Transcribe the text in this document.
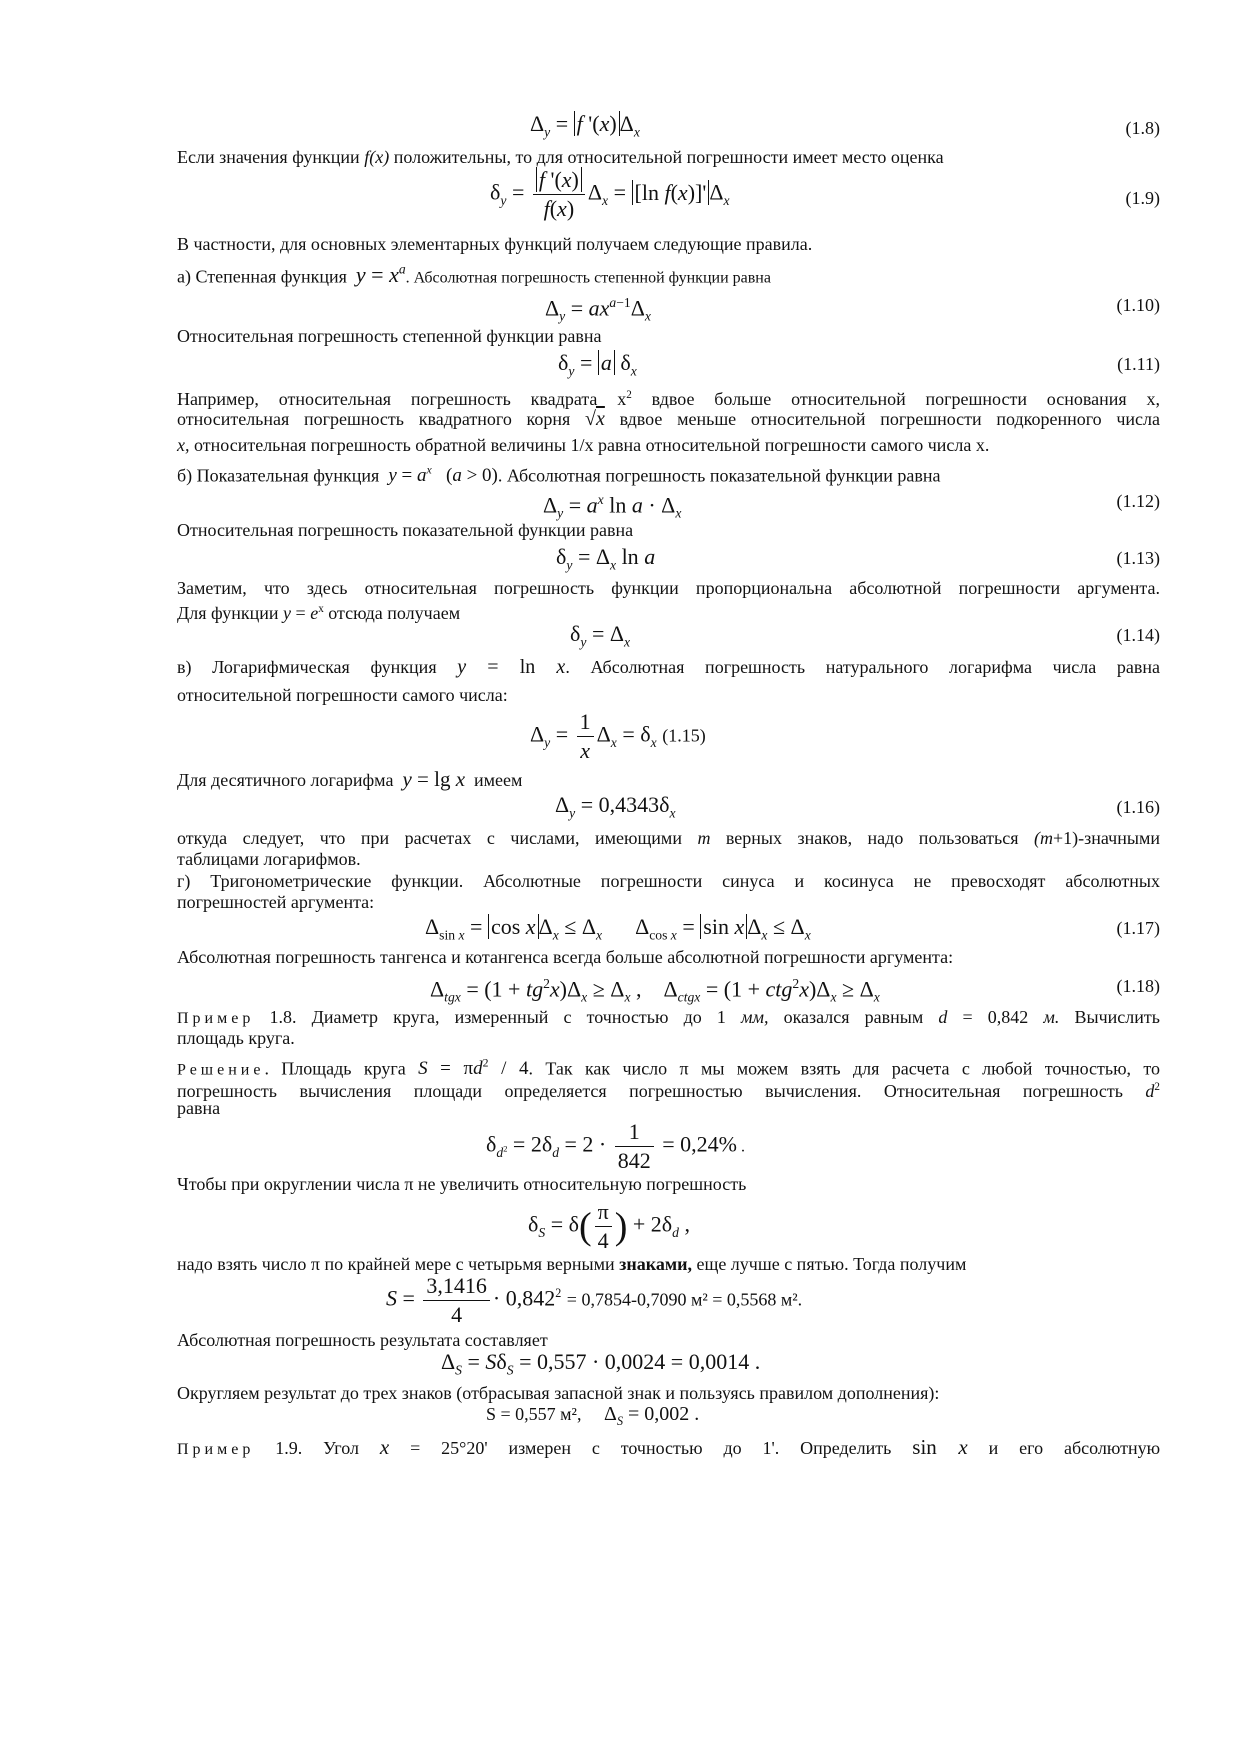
$\Delta_y = f$ '(x) $\Delta_x$	(1.8)
Если значения функции f(x) положительны, то для относительной погрешности имеет место оценка
$\delta_y = \frac{f '(x)}{f(x)} \Delta_x = [\ln$ f(x)]' $\Delta_x$	(1.9)
В частности, для основных элементарных функций получаем следующие правила.
а) Степенная функция $y = x^a$. Абсолютная погрешность степенной функции равна
$\Delta_y = ax^{a-1}\Delta_x$
(1.10)
Относительная погрешность степенной функции равна
$\delta_y = a$ $\delta_x$	(1.11)
Например, относительная погрешность квадрата $x^2$ вдвое больше относительной погрешности основания x,
относительная погрешность квадратного корня √x вдвое меньше относительной погрешности подкоренного числа
x, относительная погрешность обратной величины 1/x равна относительной погрешности самого числа x.
б) Показательная функция $y = a^x$   (a > 0). Абсолютная погрешность показательной функции равна
$\Delta_y = a^x$ $\ln a \cdot \Delta_x$
(1.12)
Относительная погрешность показательной функции равна
$\delta_y = \Delta_x$ ln a	(1.13)
Заметим, что здесь относительная погрешность функции пропорциональна абсолютной погрешности аргумента.
Для функции $y = e^x$ отсюда получаем
$\delta_y = \Delta_x$	(1.14)
в) Логарифмическая функция y = ln x. Абсолютная погрешность натурального логарифма числа равна
относительной погрешности самого числа:
$\Delta_y = \frac{1}{x} \Delta_x = \delta_x$ (1.15)
Для десятичного логарифма y = lg x имеем
$\Delta_y = 0,4343\delta_x$	(1.16)
откуда следует, что при расчетах с числами, имеющими m верных знаков, надо пользоваться (m+1)-значными
таблицами логарифмов.
г) Тригонометрические функции. Абсолютные погрешности синуса и косинуса не превосходят абсолютных
погрешностей аргумента:
$\Delta_{sin x} = \cos x$ $\Delta_x \le \Delta_x$      $\Delta_{cos x} = \sin x$ $\Delta_x \le \Delta_x$	(1.17)
Абсолютная погрешность тангенса и котангенса всегда больше абсолютной погрешности аргумента:
$\Delta_{tgx} = (1 + tg^2x)\Delta_x \ge \Delta_x$ ,    $\Delta_{ctgx} = (1 + ctg^2x)\Delta_x \ge \Delta_x$
(1.18)
Пример 1.8. Диаметр круга, измеренный с точностью до 1 мм, оказался равным d = 0,842 м. Вычислить
площадь круга.
Решение. Площадь круга $S = \pi d^2 / 4$. Так как число π мы можем взять для расчета с любой точностью, то
погрешность вычисления площади определяется погрешностью вычисления. Относительная погрешность $d^2$
равна
$\delta_{d^2} = 2\delta_d = 2 \cdot \frac{1}{842} = 0,24\%$ .
Чтобы при округлении числа π не увеличить относительную погрешность
$\delta_S = \delta( \frac{\pi}{4}$ ) + $2\delta_d$ ,
надо взять число π по крайней мере с четырьмя верными знаками, еще лучше с пятью. Тогда получим
$S = \frac{3,1416}{4} \cdot 0,842^2 = 0,7854-0,7090$ м² = 0,5568 м².
Абсолютная погрешность результата составляет
$\Delta_S = S\delta_S = 0,557 \cdot 0,0024 = 0,0014$ .
Округляем результат до трех знаков (отбрасывая запасной знак и пользуясь правилом дополнения):
S = 0,557 м², $\Delta_S = 0,002$ .
Пример 1.9. Угол x = 25°20' измерен с точностью до 1'. Определить sin x и его абсолютную
